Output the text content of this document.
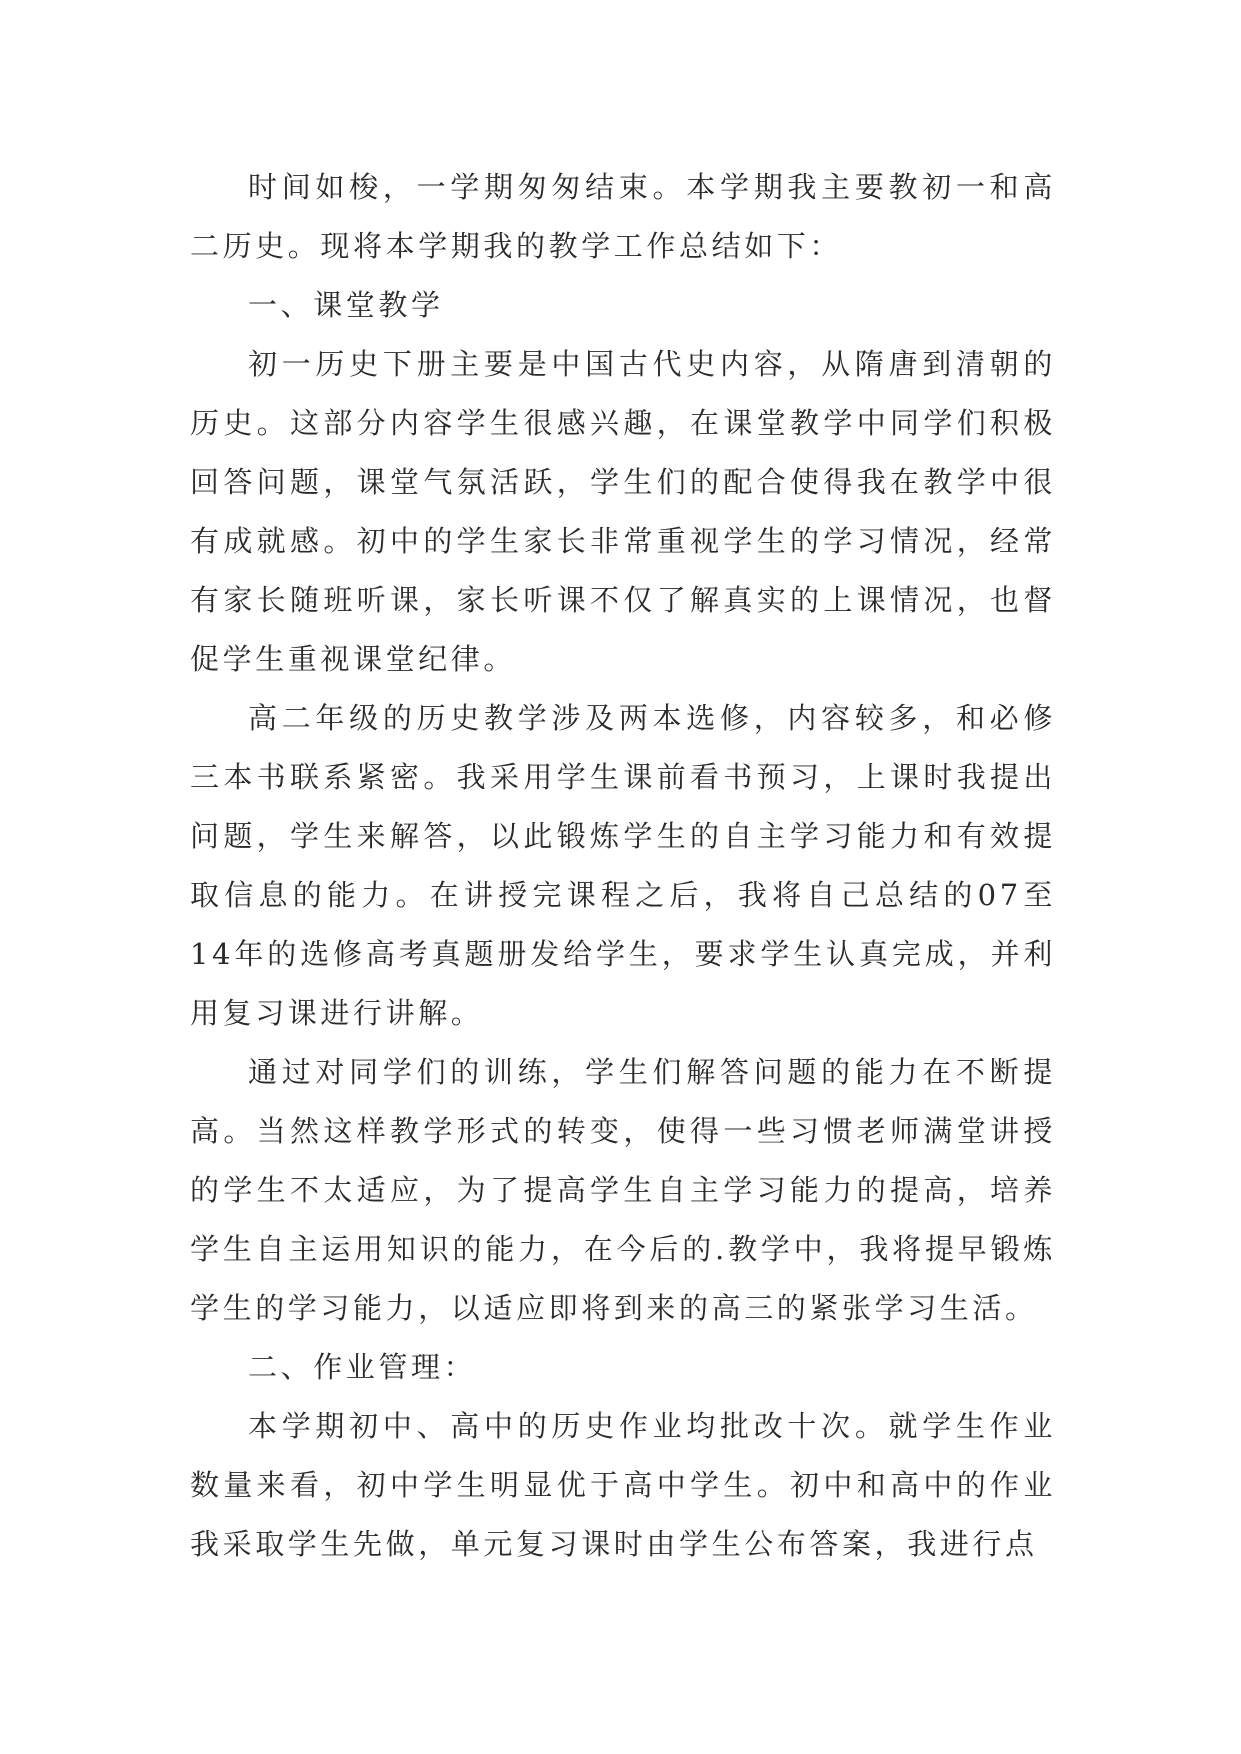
时间如梭，一学期匆匆结束。本学期我主要教初一和高二历史。现将本学期我的教学工作总结如下：

一、课堂教学

初一历史下册主要是中国古代史内容，从隋唐到清朝的历史。这部分内容学生很感兴趣，在课堂教学中同学们积极回答问题，课堂气氛活跃，学生们的配合使得我在教学中很有成就感。初中的学生家长非常重视学生的学习情况，经常有家长随班听课，家长听课不仅了解真实的上课情况，也督促学生重视课堂纪律。

高二年级的历史教学涉及两本选修，内容较多，和必修三本书联系紧密。我采用学生课前看书预习，上课时我提出问题，学生来解答，以此锻炼学生的自主学习能力和有效提取信息的能力。在讲授完课程之后，我将自己总结的07至14年的选修高考真题册发给学生，要求学生认真完成，并利用复习课进行讲解。

通过对同学们的训练，学生们解答问题的能力在不断提高。当然这样教学形式的转变，使得一些习惯老师满堂讲授的学生不太适应，为了提高学生自主学习能力的提高，培养学生自主运用知识的能力，在今后的.教学中，我将提早锻炼学生的学习能力，以适应即将到来的高三的紧张学习生活。

二、作业管理：

本学期初中、高中的历史作业均批改十次。就学生作业数量来看，初中学生明显优于高中学生。初中和高中的作业我采取学生先做，单元复习课时由学生公布答案，我进行点
